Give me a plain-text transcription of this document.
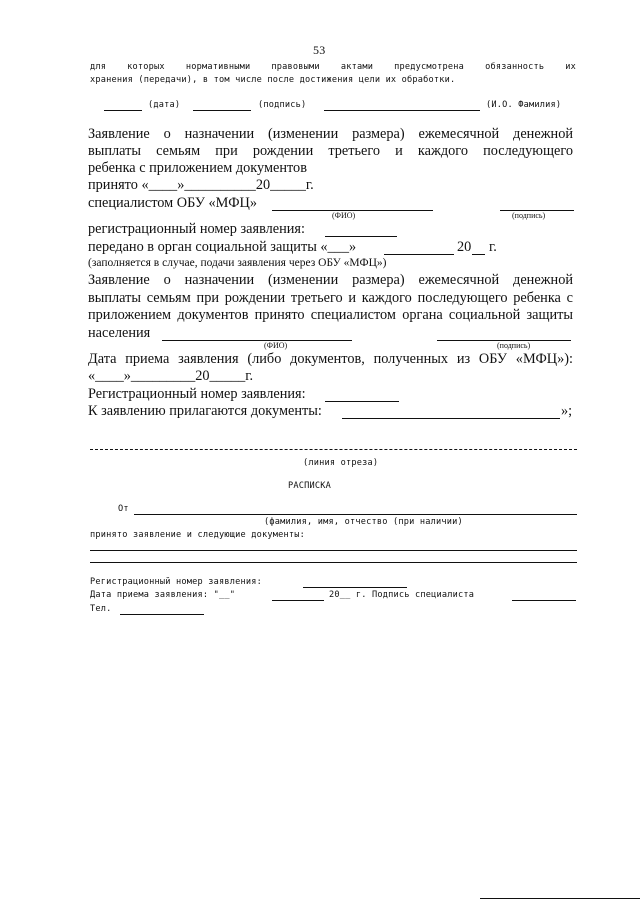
53
для которых нормативными правовыми актами предусмотрена обязанность их
хранения (передачи), в том числе после достижения цели их обработки.
(дата)	(подпись)	(И.О. Фамилия)
Заявление о назначении (изменении размера) ежемесячной денежной
выплаты семьям при рождении третьего и каждого последующего
ребенка с приложением документов
принято «____»__________20_____г.
специалистом ОБУ «МФЦ»
(ФИО)	(подпись)
регистрационный номер заявления:
передано в орган социальной защиты «___»	20 г.
(заполняется в случае, подачи заявления через ОБУ «МФЦ»)
Заявление о назначении (изменении размера) ежемесячной денежной
выплаты семьям при рождении третьего и каждого последующего ребенка с
приложением документов принято специалистом органа социальной защиты
населения
(ФИО)	(подпись)
Дата приема заявления (либо документов, полученных из ОБУ «МФЦ»):
«____»_________20_____г.
Регистрационный номер заявления:
К заявлению прилагаются документы:	»;
(линия отреза)
РАСПИСКА
От
(фамилия, имя, отчество (при наличии)
принято заявление и следующие документы:
Регистрационный номер заявления:
Дата приема заявления: "__"	20__ г. Подпись специалиста
Тел.
